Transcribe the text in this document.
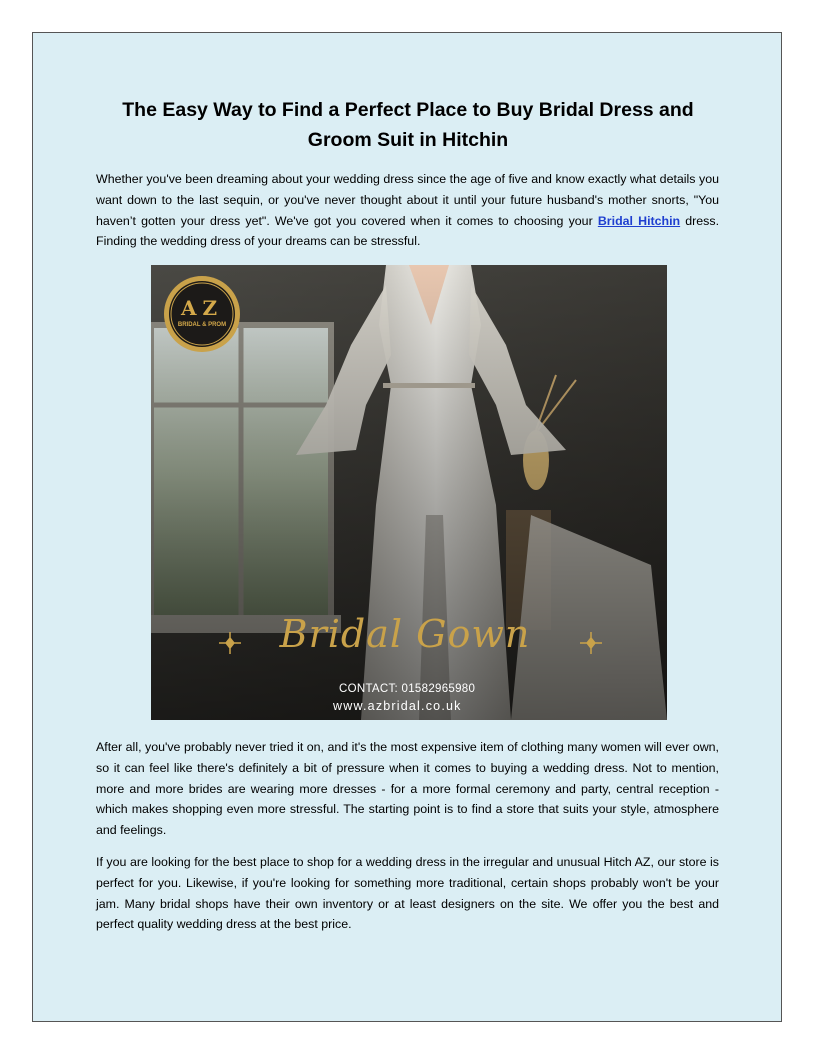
The Easy Way to Find a Perfect Place to Buy Bridal Dress and Groom Suit in Hitchin

Whether you've been dreaming about your wedding dress since the age of five and know exactly what details you want down to the last sequin, or you've never thought about it until your future husband's mother snorts, "You haven’t gotten your dress yet". We've got you covered when it comes to choosing your Bridal Hitchin dress. Finding the wedding dress of your dreams can be stressful.

AZ
BRIDAL & PROM
Bridal Gown
CONTACT: 01582965980
www.azbridal.co.uk

After all, you've probably never tried it on, and it's the most expensive item of clothing many women will ever own, so it can feel like there's definitely a bit of pressure when it comes to buying a wedding dress. Not to mention, more and more brides are wearing more dresses - for a more formal ceremony and party, central reception - which makes shopping even more stressful. The starting point is to find a store that suits your style, atmosphere and feelings.

If you are looking for the best place to shop for a wedding dress in the irregular and unusual Hitch AZ, our store is perfect for you. Likewise, if you're looking for something more traditional, certain shops probably won't be your jam. Many bridal shops have their own inventory or at least designers on the site. We offer you the best and perfect quality wedding dress at the best price.
